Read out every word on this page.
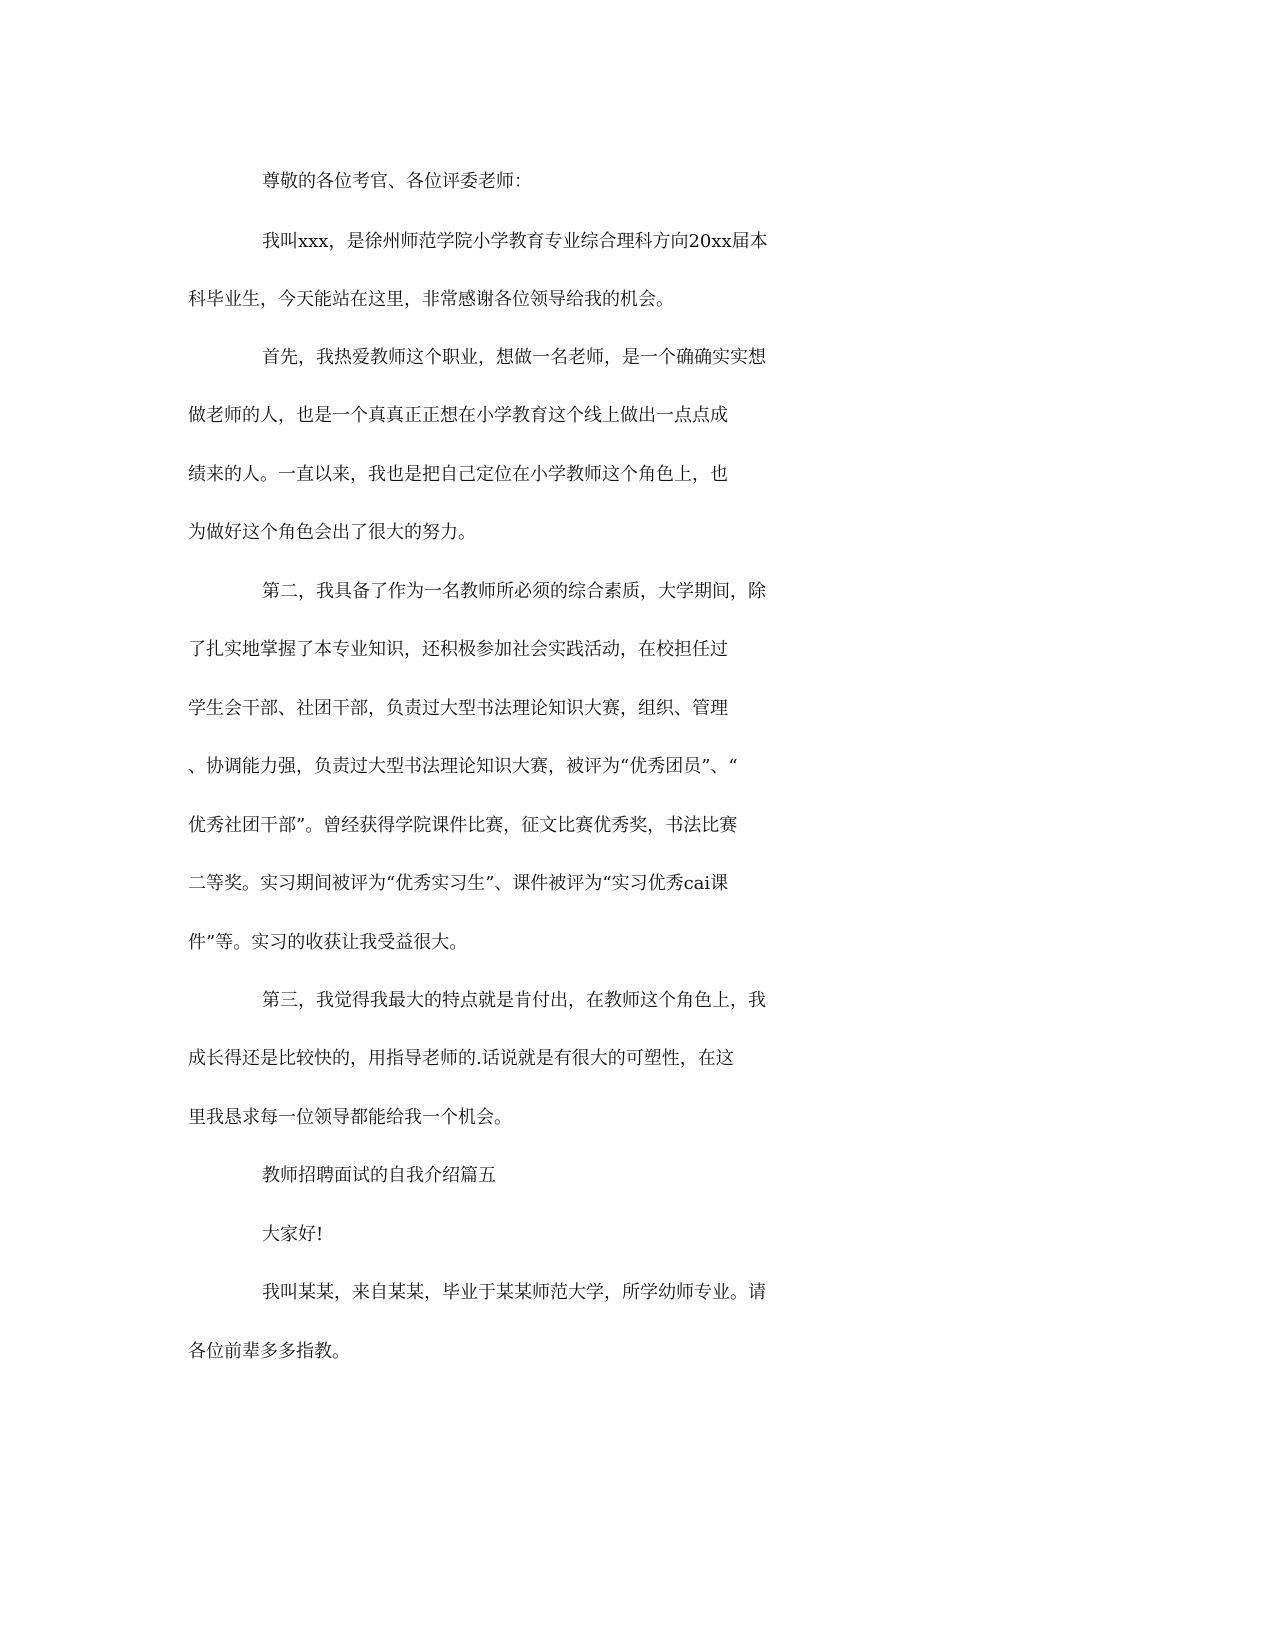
尊敬的各位考官、各位评委老师：

我叫xxx，是徐州师范学院小学教育专业综合理科方向20xx届本

科毕业生，今天能站在这里，非常感谢各位领导给我的机会。

首先，我热爱教师这个职业，想做一名老师，是一个确确实实想

做老师的人，也是一个真真正正想在小学教育这个线上做出一点点成

绩来的人。一直以来，我也是把自己定位在小学教师这个角色上，也

为做好这个角色会出了很大的努力。

第二，我具备了作为一名教师所必须的综合素质，大学期间，除

了扎实地掌握了本专业知识，还积极参加社会实践活动，在校担任过

学生会干部、社团干部，负责过大型书法理论知识大赛，组织、管理

、协调能力强，负责过大型书法理论知识大赛，被评为“优秀团员”、“

优秀社团干部”。曾经获得学院课件比赛，征文比赛优秀奖，书法比赛

二等奖。实习期间被评为“优秀实习生”、课件被评为“实习优秀cai课

件”等。实习的收获让我受益很大。

第三，我觉得我最大的特点就是肯付出，在教师这个角色上，我

成长得还是比较快的，用指导老师的.话说就是有很大的可塑性，在这

里我恳求每一位领导都能给我一个机会。

教师招聘面试的自我介绍篇五

大家好!

我叫某某，来自某某，毕业于某某师范大学，所学幼师专业。请

各位前辈多多指教。
